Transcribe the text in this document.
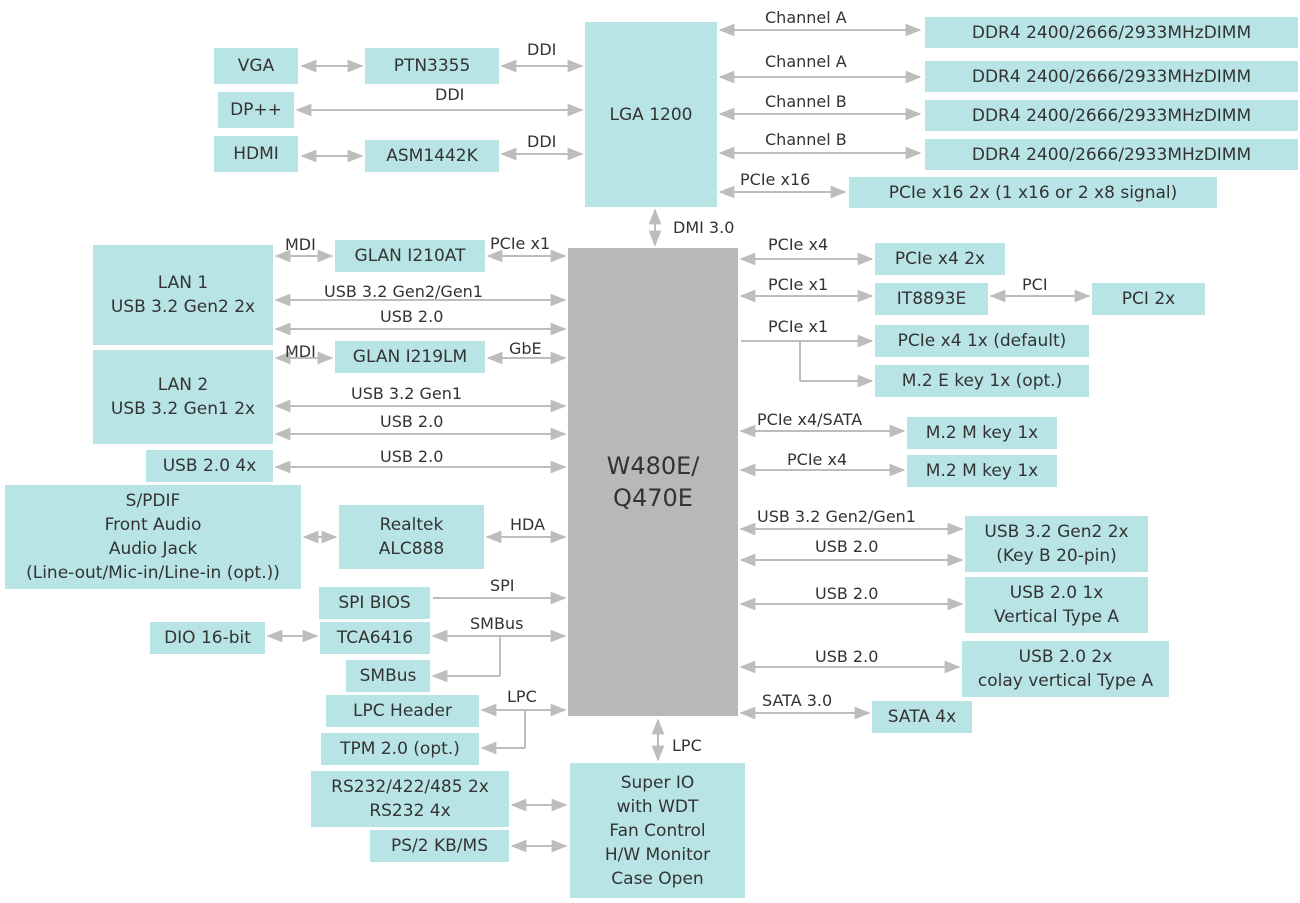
LGA 1200
W480E/
Q470E
Super IO
with WDT
Fan Control
H/W Monitor
Case Open
DDR4 2400/2666/2933MHzDIMM
DDR4 2400/2666/2933MHzDIMM
DDR4 2400/2666/2933MHzDIMM
DDR4 2400/2666/2933MHzDIMM
PCIe x16 2x (1 x16 or 2 x8 signal)
VGA	PTN3355
DP++
HDMI	ASM1442K
GLAN I210AT
LAN 1
USB 3.2 Gen2 2x
GLAN I219LM
LAN 2
USB 3.2 Gen1 2x
USB 2.0 4x
S/PDIF
Front Audio
Audio Jack
(Line-out/Mic-in/Line-in (opt.))
Realtek
ALC888
SPI BIOS
DIO 16-bit	TCA6416
SMBus
LPC Header
TPM 2.0 (opt.)
RS232/422/485 2x
RS232 4x
PS/2 KB/MS
PCIe x4 2x
IT8893E	PCI 2x
PCIe x4 1x (default)
M.2 E key 1x (opt.)
M.2 M key 1x
M.2 M key 1x
USB 3.2 Gen2 2x
(Key B 20-pin)
USB 2.0 1x
Vertical Type A
USB 2.0 2x
colay vertical Type A
SATA 4x
Channel A
Channel A
Channel B
Channel B
PCIe x16
DDI
DDI
DDI
DMI 3.0
MDI	PCIe x1
USB 3.2 Gen2/Gen1
USB 2.0
MDI	GbE
USB 3.2 Gen1
USB 2.0
USB 2.0
HDA
SPI
SMBus
LPC
LPC
PCIe x4
PCIe x1	PCI
PCIe x1
PCIe x4/SATA
PCIe x4
USB 3.2 Gen2/Gen1
USB 2.0
USB 2.0
USB 2.0
SATA 3.0
